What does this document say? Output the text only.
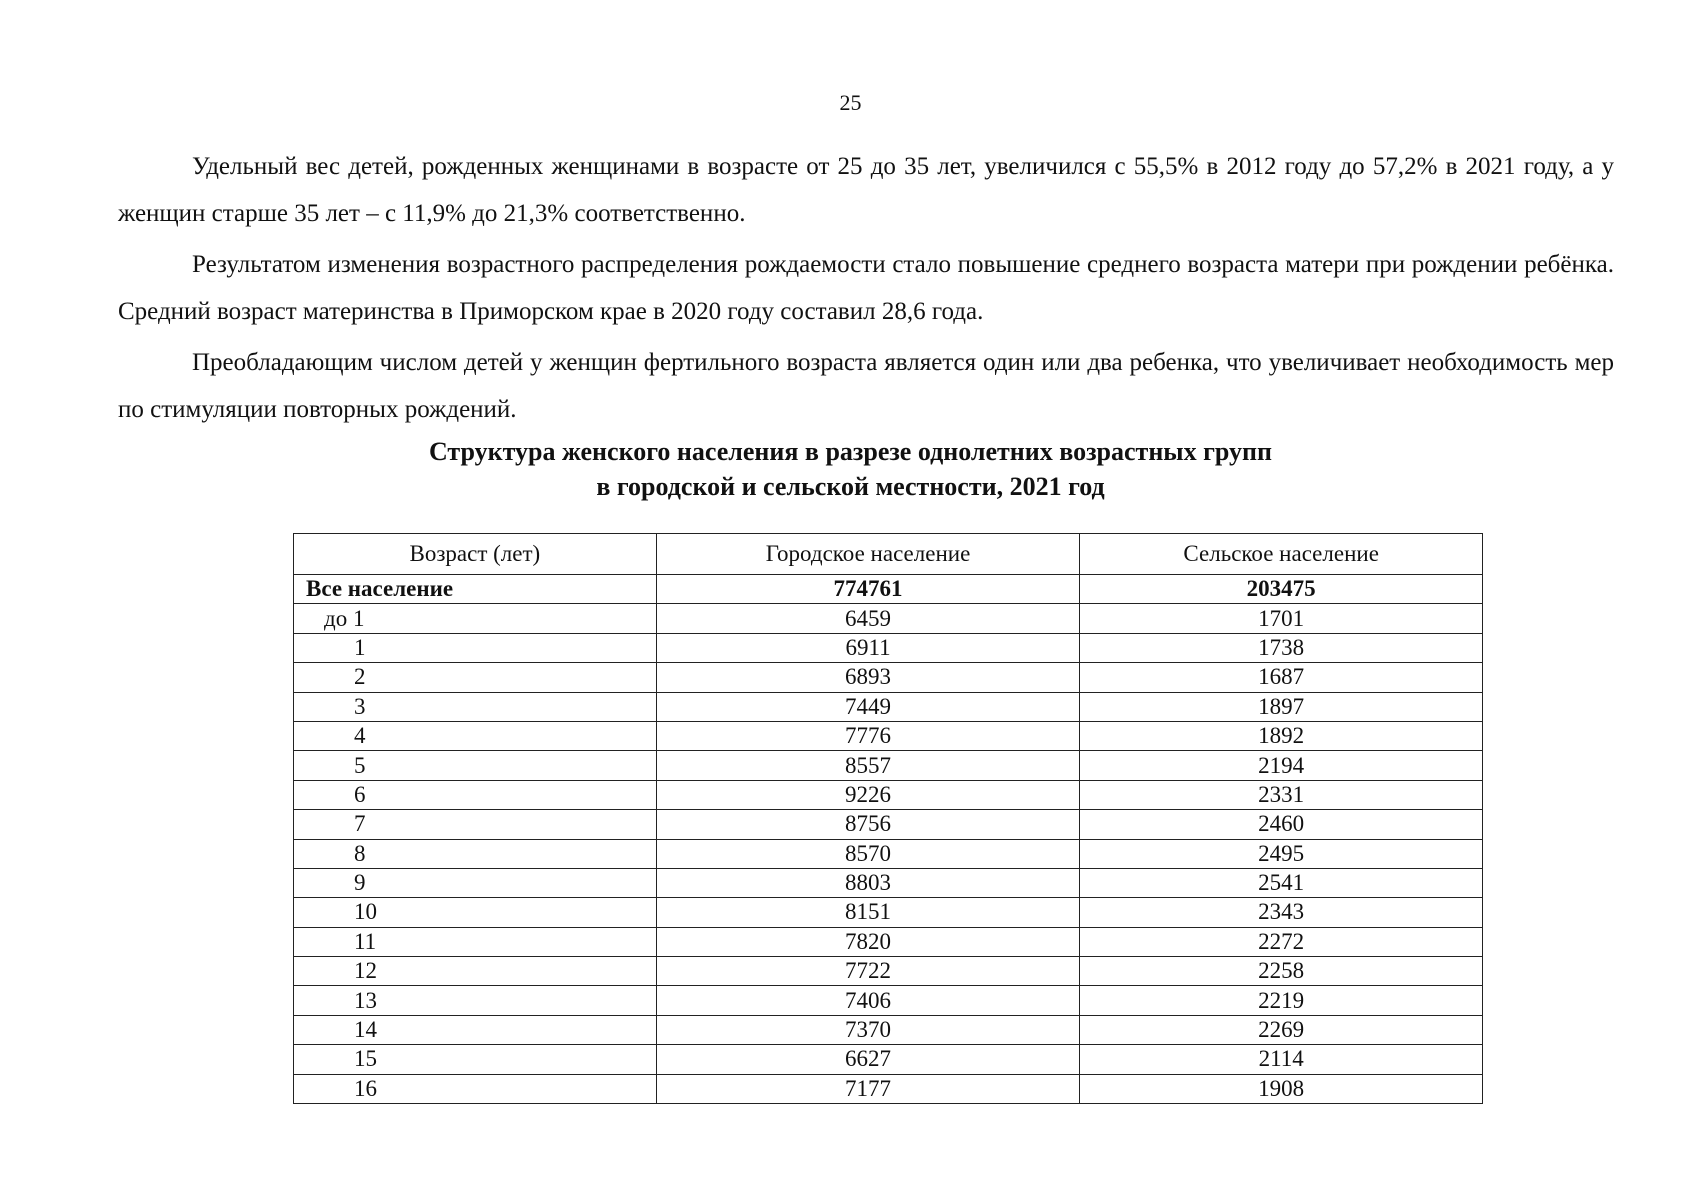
25

Удельный вес детей, рожденных женщинами в возрасте от 25 до 35 лет, увеличился с 55,5% в 2012 году до 57,2% в 2021 году, а у женщин старше 35 лет – с 11,9% до 21,3% соответственно.

Результатом изменения возрастного распределения рождаемости стало повышение среднего возраста матери при рождении ребёнка. Средний возраст материнства в Приморском крае в 2020 году составил 28,6 года.

Преобладающим числом детей у женщин фертильного возраста является один или два ребенка, что увеличивает необходимость мер по стимуляции повторных рождений.

Структура женского населения в разрезе однолетних возрастных групп
в городской и сельской местности, 2021 год
Возраст (лет)	Городское население	Сельское население
Все население	774761	203475
до 1	6459	1701
1	6911	1738
2	6893	1687
3	7449	1897
4	7776	1892
5	8557	2194
6	9226	2331
7	8756	2460
8	8570	2495
9	8803	2541
10	8151	2343
11	7820	2272
12	7722	2258
13	7406	2219
14	7370	2269
15	6627	2114
16	7177	1908
